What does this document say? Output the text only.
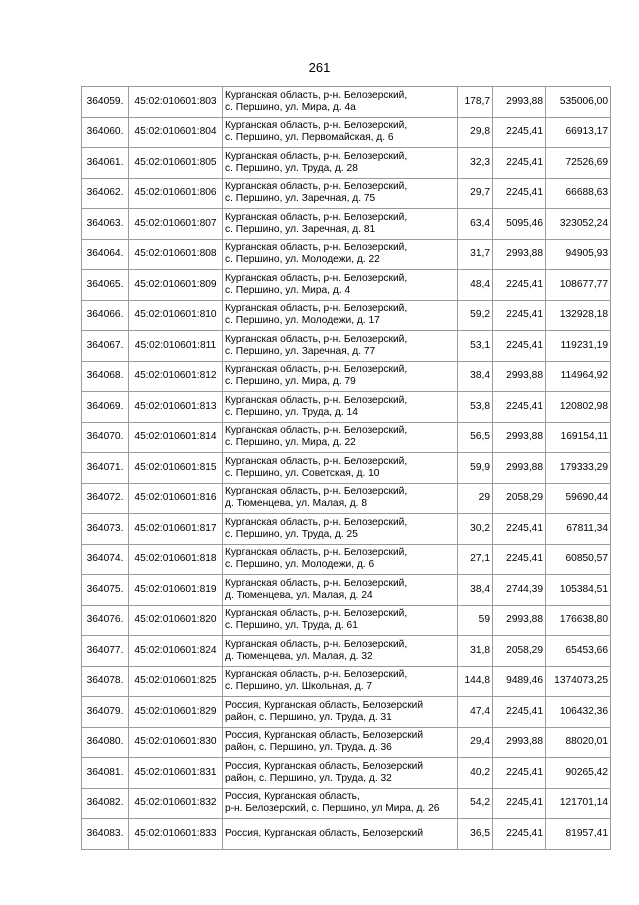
261
364059.	45:02:010601:803	Курганская область, р-н. Белозерский,
с. Першино, ул. Мира, д. 4а	178,7	2993,88	535006,00
364060.	45:02:010601:804	Курганская область, р-н. Белозерский,
с. Першино, ул. Первомайская, д. 6	29,8	2245,41	66913,17
364061.	45:02:010601:805	Курганская область, р-н. Белозерский,
с. Першино, ул. Труда, д. 28	32,3	2245,41	72526,69
364062.	45:02:010601:806	Курганская область, р-н. Белозерский,
с. Першино, ул. Заречная, д. 75	29,7	2245,41	66688,63
364063.	45:02:010601:807	Курганская область, р-н. Белозерский,
с. Першино, ул. Заречная, д. 81	63,4	5095,46	323052,24
364064.	45:02:010601:808	Курганская область, р-н. Белозерский,
с. Першино, ул. Молодежи, д. 22	31,7	2993,88	94905,93
364065.	45:02:010601:809	Курганская область, р-н. Белозерский,
с. Першино, ул. Мира, д. 4	48,4	2245,41	108677,77
364066.	45:02:010601:810	Курганская область, р-н. Белозерский,
с. Першино, ул. Молодежи, д. 17	59,2	2245,41	132928,18
364067.	45:02:010601:811	Курганская область, р-н. Белозерский,
с. Першино, ул. Заречная, д. 77	53,1	2245,41	119231,19
364068.	45:02:010601:812	Курганская область, р-н. Белозерский,
с. Першино, ул. Мира, д. 79	38,4	2993,88	114964,92
364069.	45:02:010601:813	Курганская область, р-н. Белозерский,
с. Першино, ул. Труда, д. 14	53,8	2245,41	120802,98
364070.	45:02:010601:814	Курганская область, р-н. Белозерский,
с. Першино, ул. Мира, д. 22	56,5	2993,88	169154,11
364071.	45:02:010601:815	Курганская область, р-н. Белозерский,
с. Першино, ул. Советская, д. 10	59,9	2993,88	179333,29
364072.	45:02:010601:816	Курганская область, р-н. Белозерский,
д. Тюменцева, ул. Малая, д. 8	29	2058,29	59690,44
364073.	45:02:010601:817	Курганская область, р-н. Белозерский,
с. Першино, ул. Труда, д. 25	30,2	2245,41	67811,34
364074.	45:02:010601:818	Курганская область, р-н. Белозерский,
с. Першино, ул. Молодежи, д. 6	27,1	2245,41	60850,57
364075.	45:02:010601:819	Курганская область, р-н. Белозерский,
д. Тюменцева, ул. Малая, д. 24	38,4	2744,39	105384,51
364076.	45:02:010601:820	Курганская область, р-н. Белозерский,
с. Першино, ул. Труда, д. 61	59	2993,88	176638,80
364077.	45:02:010601:824	Курганская область, р-н. Белозерский,
д. Тюменцева, ул. Малая, д. 32	31,8	2058,29	65453,66
364078.	45:02:010601:825	Курганская область, р-н. Белозерский,
с. Першино, ул. Школьная, д. 7	144,8	9489,46	1374073,25
364079.	45:02:010601:829	Россия, Курганская область, Белозерский
район, с. Першино, ул. Труда, д. 31	47,4	2245,41	106432,36
364080.	45:02:010601:830	Россия, Курганская область, Белозерский
район, с. Першино, ул. Труда, д. 36	29,4	2993,88	88020,01
364081.	45:02:010601:831	Россия, Курганская область, Белозерский
район, с. Першино, ул. Труда, д. 32	40,2	2245,41	90265,42
364082.	45:02:010601:832	Россия, Курганская область,
р-н. Белозерский, с. Першино, ул Мира, д. 26	54,2	2245,41	121701,14
364083.	45:02:010601:833	Россия, Курганская область, Белозерский	36,5	2245,41	81957,41
